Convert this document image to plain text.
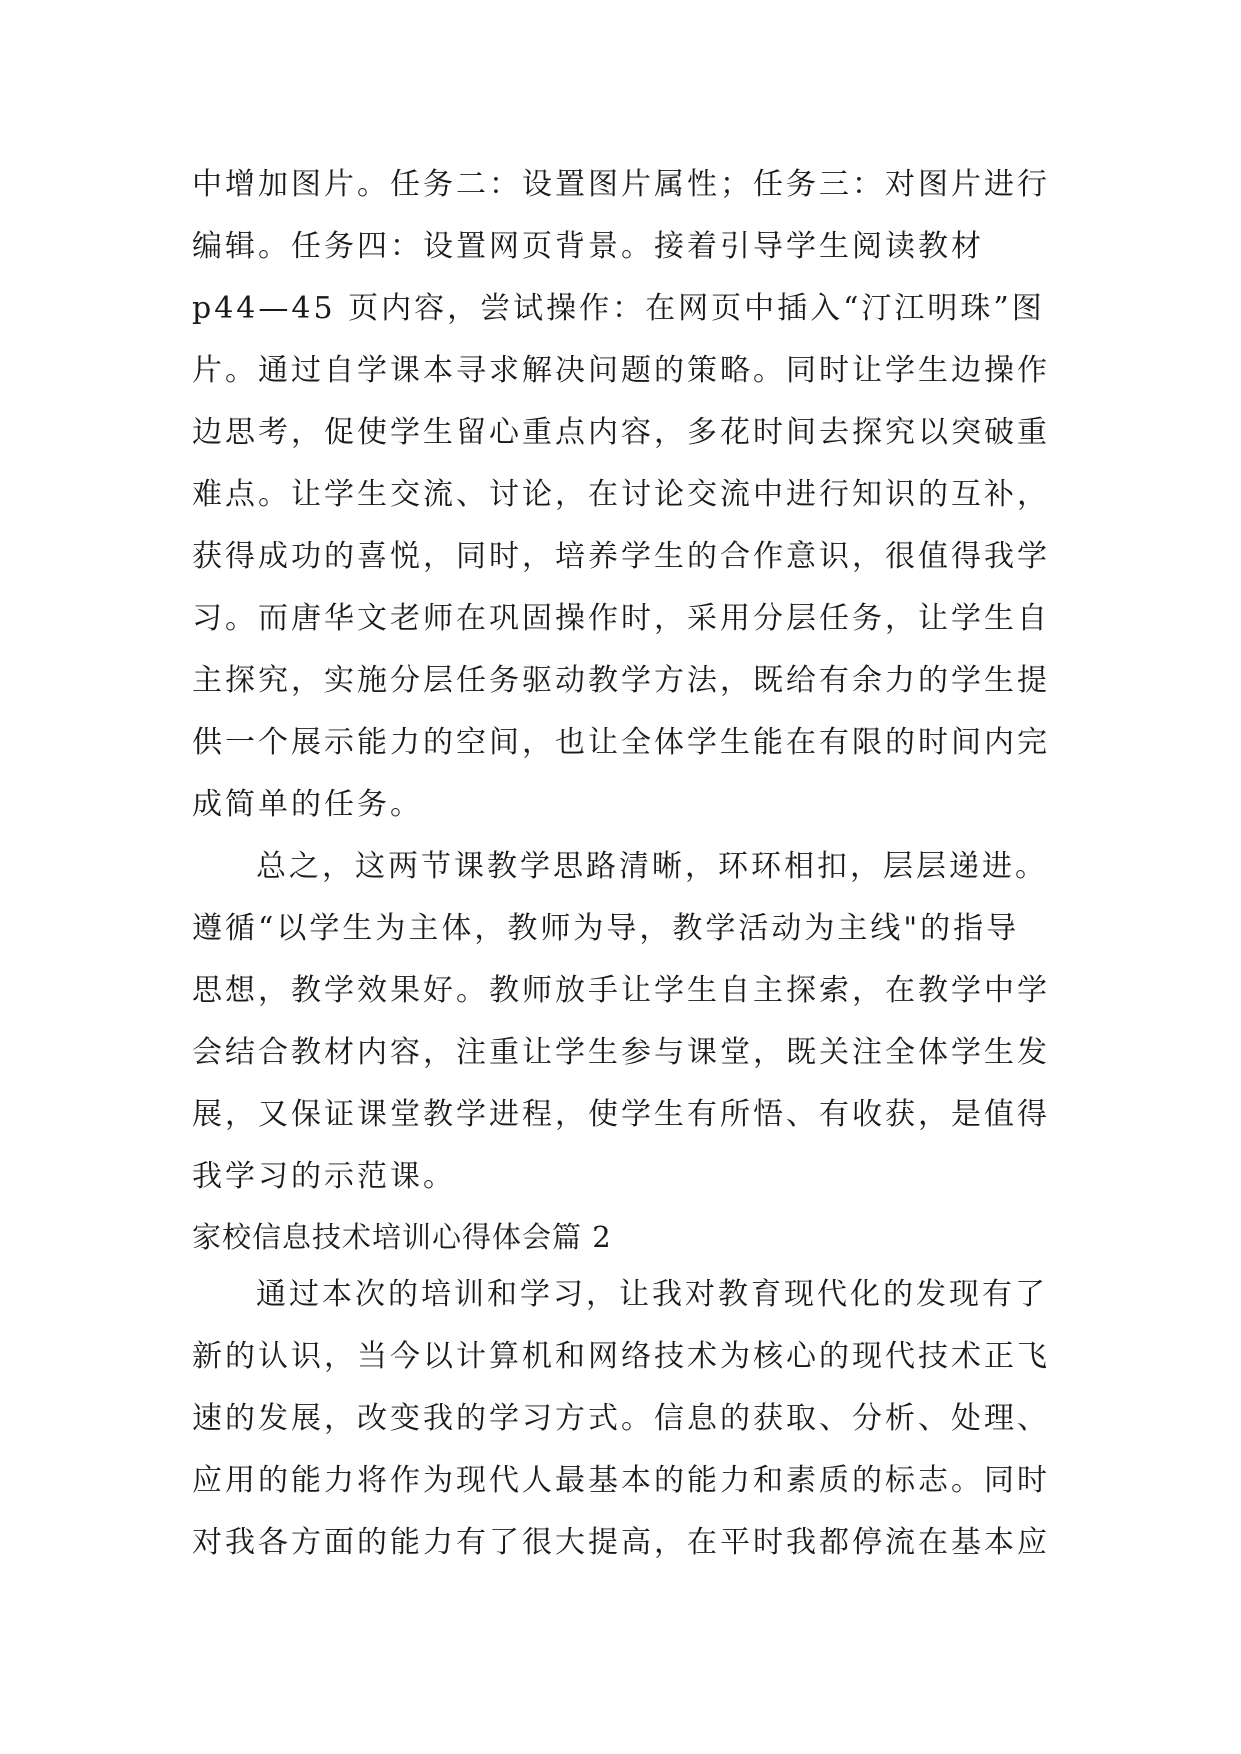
中增加图片。任务二：设置图片属性；任务三：对图片进行
编辑。任务四：设置网页背景。接着引导学生阅读教材
p44—45 页内容，尝试操作：在网页中插入“汀江明珠”图
片。通过自学课本寻求解决问题的策略。同时让学生边操作
边思考，促使学生留心重点内容，多花时间去探究以突破重
难点。让学生交流、讨论，在讨论交流中进行知识的互补，
获得成功的喜悦，同时，培养学生的合作意识，很值得我学
习。而唐华文老师在巩固操作时，采用分层任务，让学生自
主探究，实施分层任务驱动教学方法，既给有余力的学生提
供一个展示能力的空间，也让全体学生能在有限的时间内完
成简单的任务。
总之，这两节课教学思路清晰，环环相扣，层层递进。
遵循“以学生为主体，教师为导，教学活动为主线"的指导
思想，教学效果好。教师放手让学生自主探索，在教学中学
会结合教材内容，注重让学生参与课堂，既关注全体学生发
展，又保证课堂教学进程，使学生有所悟、有收获，是值得
我学习的示范课。
家校信息技术培训心得体会篇 2
通过本次的培训和学习，让我对教育现代化的发现有了
新的认识，当今以计算机和网络技术为核心的现代技术正飞
速的发展，改变我的学习方式。信息的获取、分析、处理、
应用的能力将作为现代人最基本的能力和素质的标志。同时
对我各方面的能力有了很大提高，在平时我都停流在基本应
